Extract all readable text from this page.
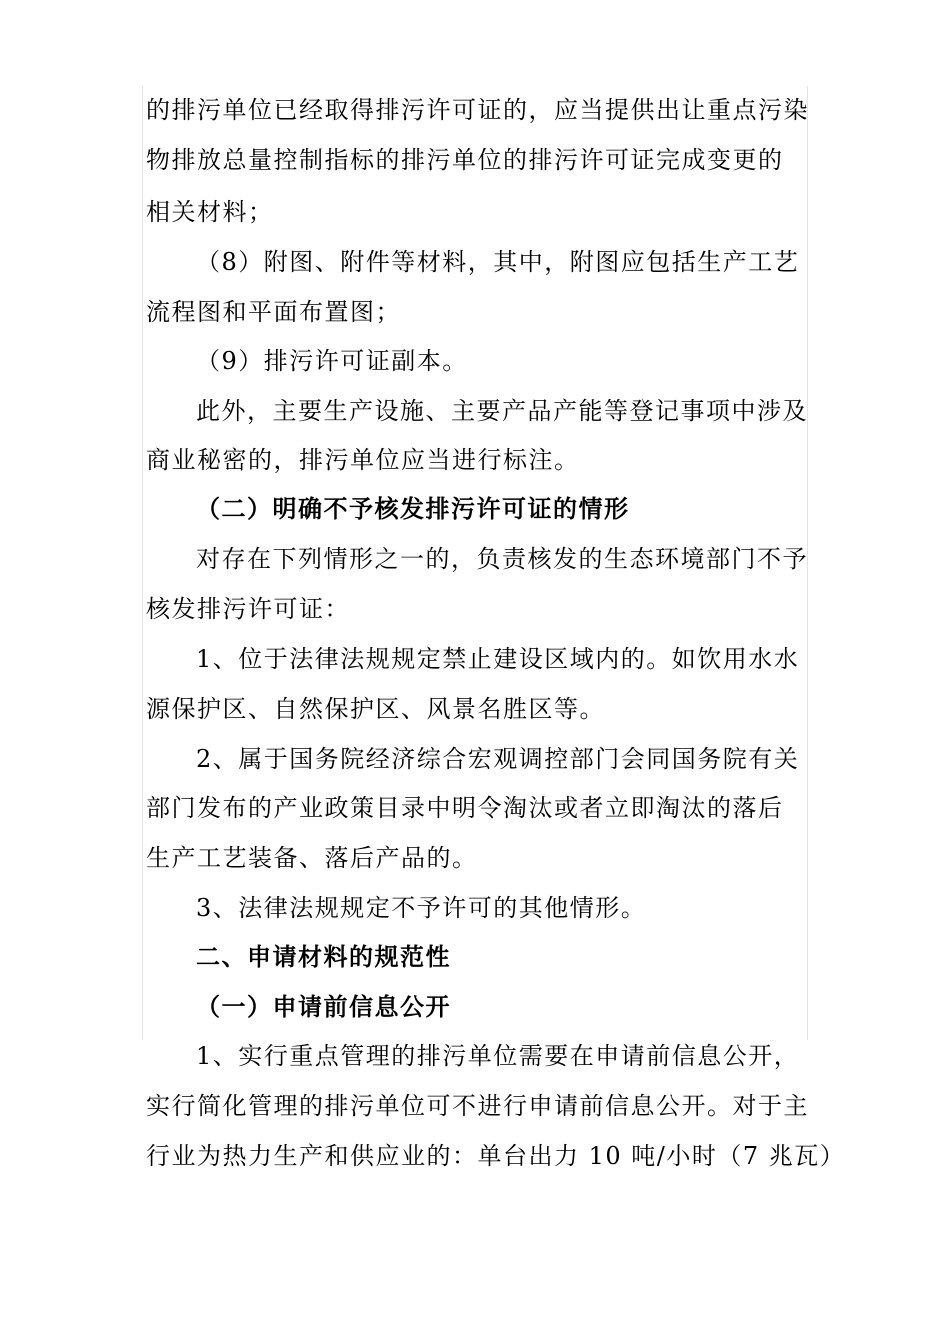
的排污单位已经取得排污许可证的，应当提供出让重点污染
物排放总量控制指标的排污单位的排污许可证完成变更的
相关材料；
（8）附图、附件等材料，其中，附图应包括生产工艺
流程图和平面布置图；
（9）排污许可证副本。
此外，主要生产设施、主要产品产能等登记事项中涉及
商业秘密的，排污单位应当进行标注。
（二）明确不予核发排污许可证的情形
对存在下列情形之一的，负责核发的生态环境部门不予
核发排污许可证：
1、位于法律法规规定禁止建设区域内的。如饮用水水
源保护区、自然保护区、风景名胜区等。
2、属于国务院经济综合宏观调控部门会同国务院有关
部门发布的产业政策目录中明令淘汰或者立即淘汰的落后
生产工艺装备、落后产品的。
3、法律法规规定不予许可的其他情形。
二、申请材料的规范性
（一）申请前信息公开
1、实行重点管理的排污单位需要在申请前信息公开，
实行简化管理的排污单位可不进行申请前信息公开。对于主
行业为热力生产和供应业的：单台出力 10 吨/小时（7 兆瓦）
